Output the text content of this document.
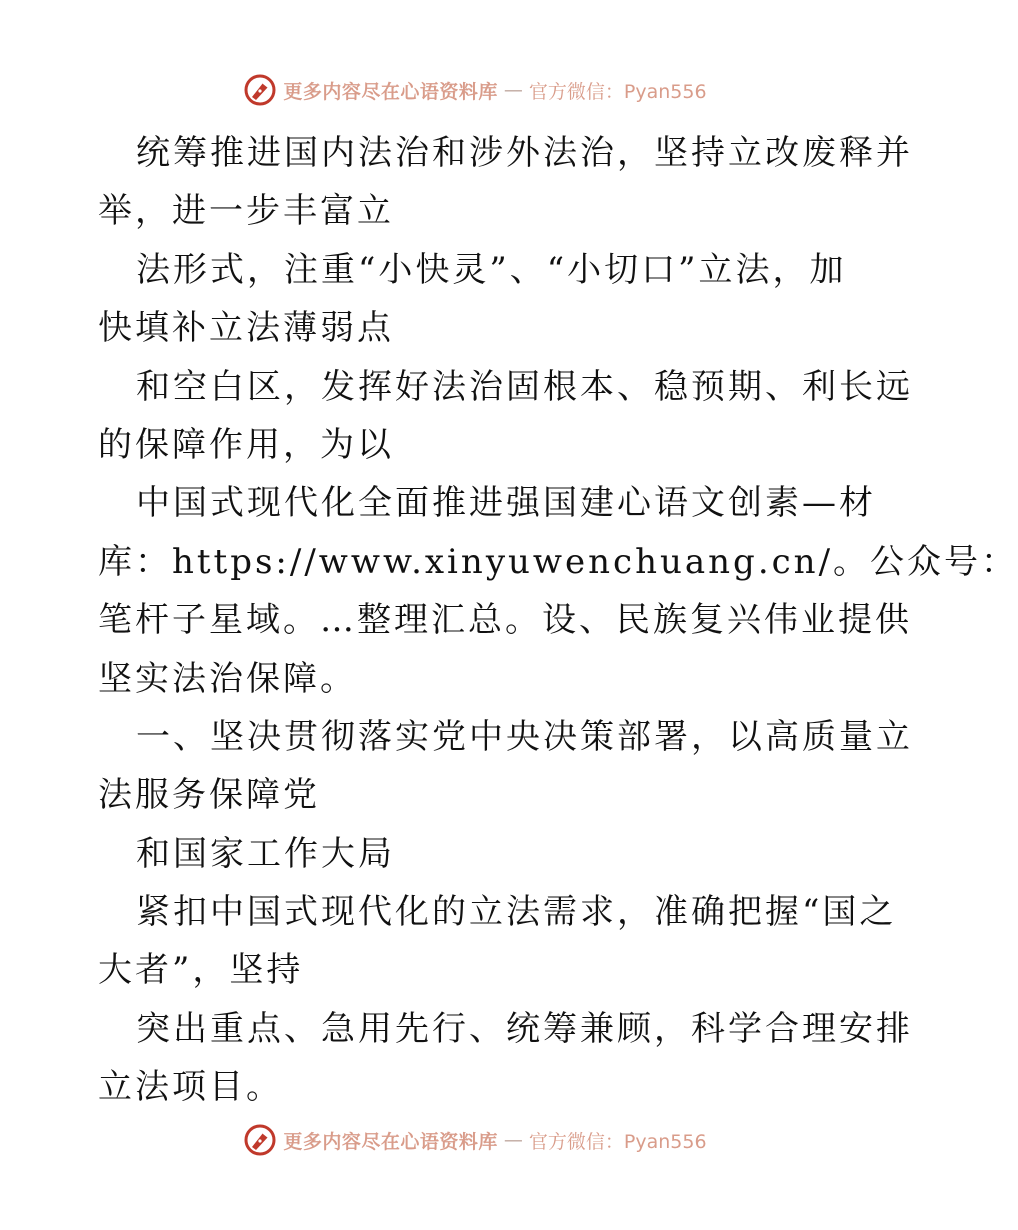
更多内容尽在心语资料库 — 官方微信：Pyan556
统筹推进国内法治和涉外法治，坚持立改废释并
举，进一步丰富立
法形式，注重“小快灵”、“小切口”立法，加
快填补立法薄弱点
和空白区，发挥好法治固根本、稳预期、利长远
的保障作用，为以
中国式现代化全面推进强国建心语文创素—材
库：https://www.xinyuwenchuang.cn/。公众号：
笔杆子星域。…整理汇总。设、民族复兴伟业提供
坚实法治保障。
一、坚决贯彻落实党中央决策部署，以高质量立
法服务保障党
和国家工作大局
紧扣中国式现代化的立法需求，准确把握“国之
大者”，坚持
突出重点、急用先行、统筹兼顾，科学合理安排
立法项目。
更多内容尽在心语资料库 — 官方微信：Pyan556
